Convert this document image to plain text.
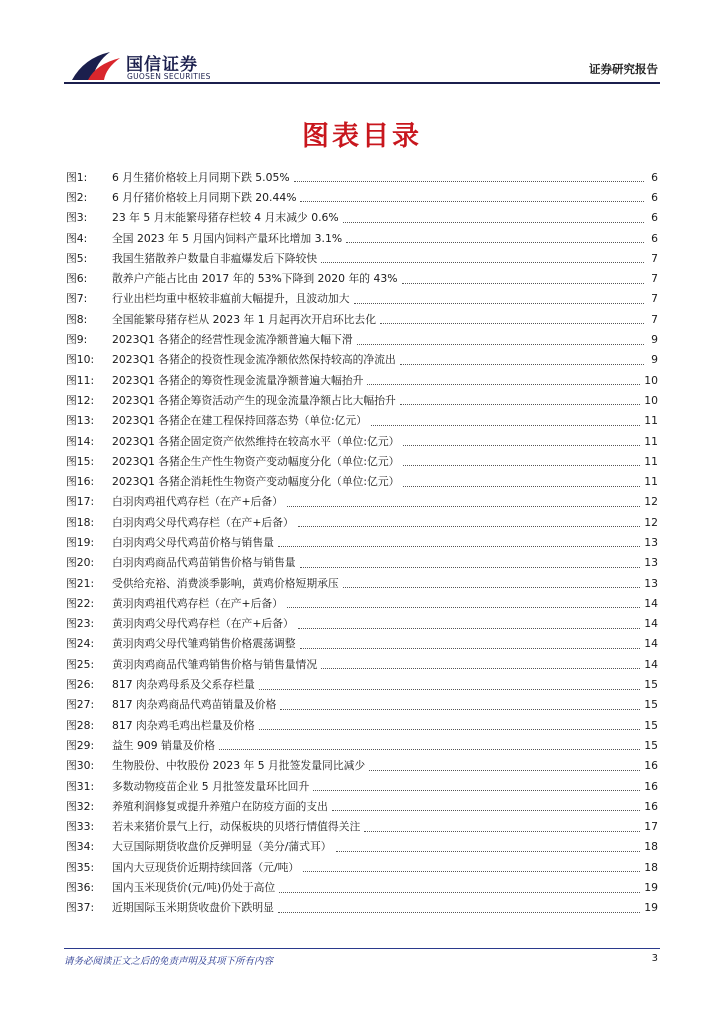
国信证券
GUOSEN SECURITIES
证券研究报告
图表目录
图1:	6 月生猪价格较上月同期下跌 5.05%	6
图2:	6 月仔猪价格较上月同期下跌 20.44%	6
图3:	23 年 5 月末能繁母猪存栏较 4 月末减少 0.6%	6
图4:	全国 2023 年 5 月国内饲料产量环比增加 3.1%	6
图5:	我国生猪散养户数量自非瘟爆发后下降较快	7
图6:	散养户产能占比由 2017 年的 53%下降到 2020 年的 43%	7
图7:	行业出栏均重中枢较非瘟前大幅提升，且波动加大	7
图8:	全国能繁母猪存栏从 2023 年 1 月起再次开启环比去化	7
图9:	2023Q1 各猪企的经营性现金流净额普遍大幅下滑	9
图10:	2023Q1 各猪企的投资性现金流净额依然保持较高的净流出	9
图11:	2023Q1 各猪企的筹资性现金流量净额普遍大幅抬升	10
图12:	2023Q1 各猪企筹资活动产生的现金流量净额占比大幅抬升	10
图13:	2023Q1 各猪企在建工程保持回落态势（单位:亿元）	11
图14:	2023Q1 各猪企固定资产依然维持在较高水平（单位:亿元）	11
图15:	2023Q1 各猪企生产性生物资产变动幅度分化（单位:亿元）	11
图16:	2023Q1 各猪企消耗性生物资产变动幅度分化（单位:亿元）	11
图17:	白羽肉鸡祖代鸡存栏（在产+后备）	12
图18:	白羽肉鸡父母代鸡存栏（在产+后备）	12
图19:	白羽肉鸡父母代鸡苗价格与销售量	13
图20:	白羽肉鸡商品代鸡苗销售价格与销售量	13
图21:	受供给充裕、消费淡季影响，黄鸡价格短期承压	13
图22:	黄羽肉鸡祖代鸡存栏（在产+后备）	14
图23:	黄羽肉鸡父母代鸡存栏（在产+后备）	14
图24:	黄羽肉鸡父母代雏鸡销售价格震荡调整	14
图25:	黄羽肉鸡商品代雏鸡销售价格与销售量情况	14
图26:	817 肉杂鸡母系及父系存栏量	15
图27:	817 肉杂鸡商品代鸡苗销量及价格	15
图28:	817 肉杂鸡毛鸡出栏量及价格	15
图29:	益生 909 销量及价格	15
图30:	生物股份、中牧股份 2023 年 5 月批签发量同比减少	16
图31:	多数动物疫苗企业 5 月批签发量环比回升	16
图32:	养殖利润修复或提升养殖户在防疫方面的支出	16
图33:	若未来猪价景气上行，动保板块的贝塔行情值得关注	17
图34:	大豆国际期货收盘价反弹明显（美分/蒲式耳）	18
图35:	国内大豆现货价近期持续回落（元/吨）	18
图36:	国内玉米现货价(元/吨)仍处于高位	19
图37:	近期国际玉米期货收盘价下跌明显	19
请务必阅读正文之后的免责声明及其项下所有内容	3
